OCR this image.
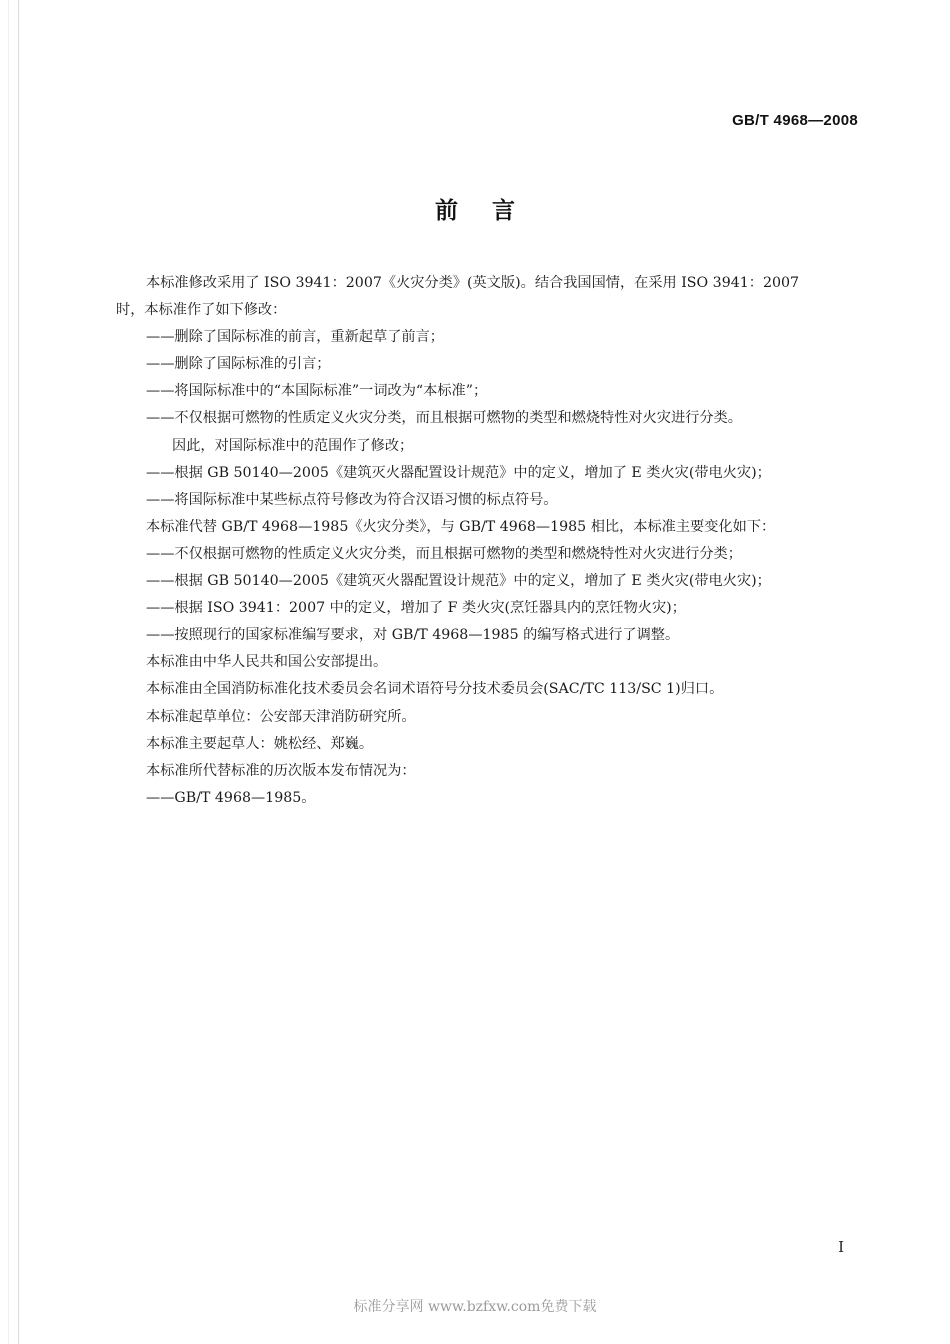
GB/T 4968—2008
前言

本标准修改采用了 ISO 3941：2007《火灾分类》(英文版)。结合我国国情，在采用 ISO 3941：2007

时，本标准作了如下修改：

——删除了国际标准的前言，重新起草了前言；

——删除了国际标准的引言；

——将国际标准中的“本国际标准”一词改为“本标准”；

——不仅根据可燃物的性质定义火灾分类，而且根据可燃物的类型和燃烧特性对火灾进行分类。

因此，对国际标准中的范围作了修改；

——根据 GB 50140—2005《建筑灭火器配置设计规范》中的定义，增加了 E 类火灾(带电火灾)；

——将国际标准中某些标点符号修改为符合汉语习惯的标点符号。

本标准代替 GB/T 4968—1985《火灾分类》，与 GB/T 4968—1985 相比，本标准主要变化如下：

——不仅根据可燃物的性质定义火灾分类，而且根据可燃物的类型和燃烧特性对火灾进行分类；

——根据 GB 50140—2005《建筑灭火器配置设计规范》中的定义，增加了 E 类火灾(带电火灾)；

——根据 ISO 3941：2007 中的定义，增加了 F 类火灾(烹饪器具内的烹饪物火灾)；

——按照现行的国家标准编写要求，对 GB/T 4968—1985 的编写格式进行了调整。

本标准由中华人民共和国公安部提出。

本标准由全国消防标准化技术委员会名词术语符号分技术委员会(SAC/TC 113/SC 1)归口。

本标准起草单位：公安部天津消防研究所。

本标准主要起草人：姚松经、郑巍。

本标准所代替标准的历次版本发布情况为：

——GB/T 4968—1985。

I
标准分享网 www.bzfxw.com免费下载
